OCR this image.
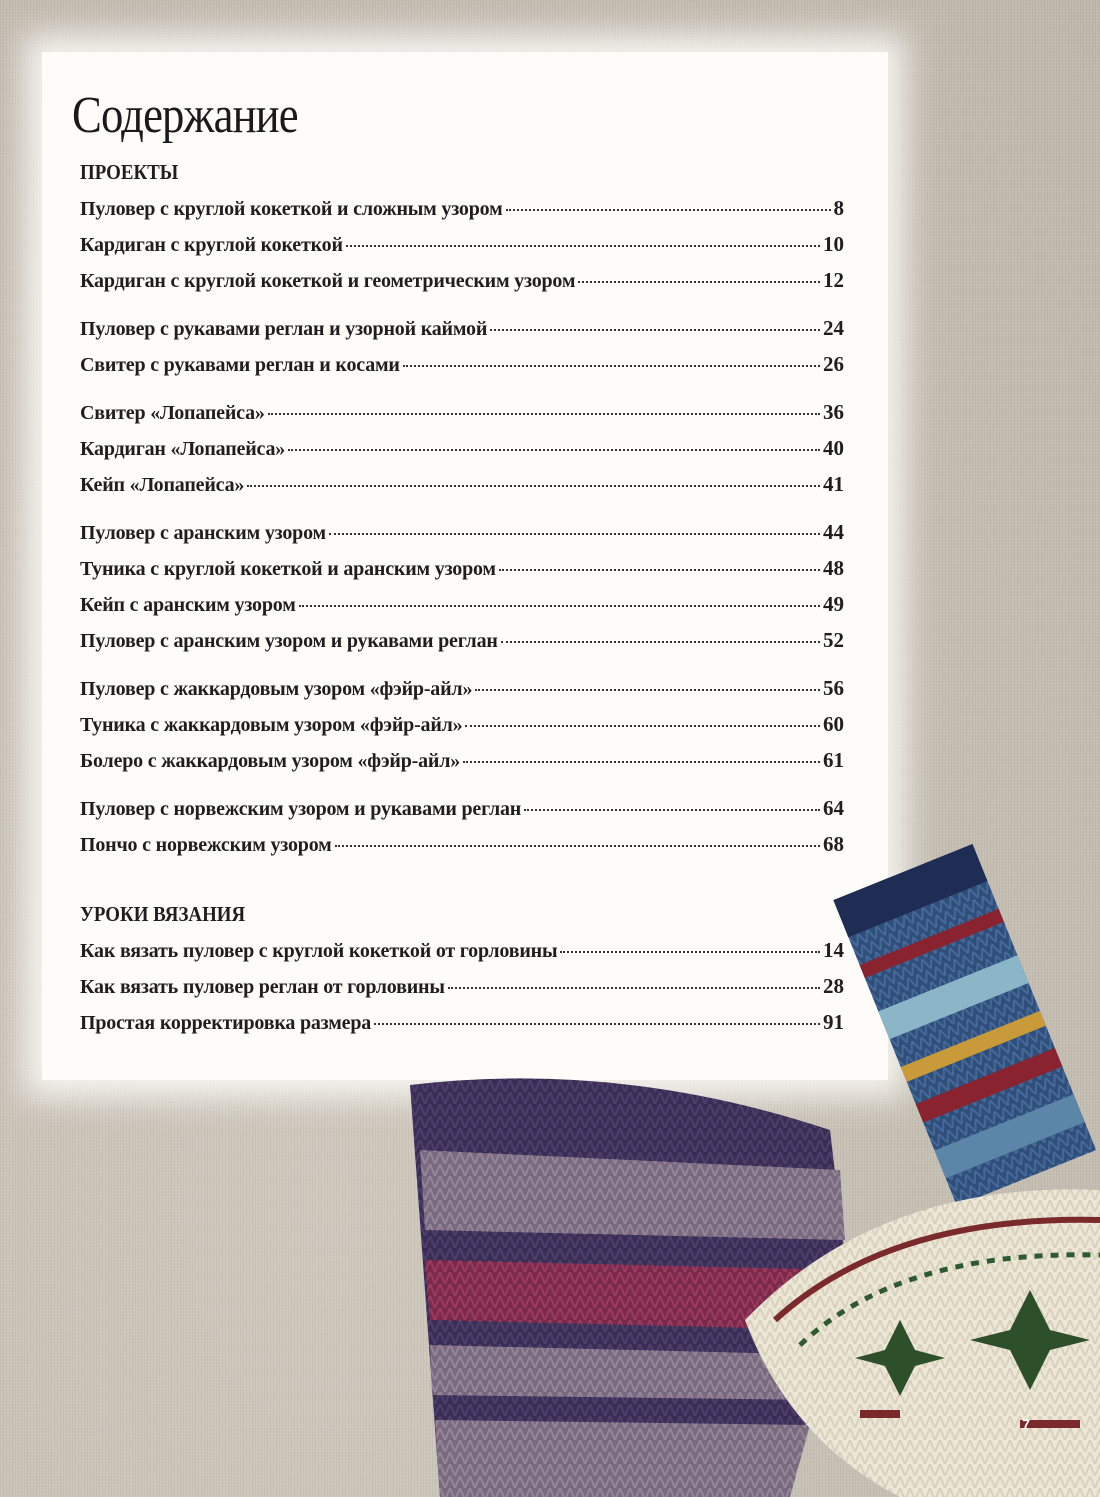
Содержание
ПРОЕКТЫ
Пуловер с круглой кокеткой и сложным узором	8
Кардиган с круглой кокеткой	10
Кардиган с круглой кокеткой и геометрическим узором	12
Пуловер с рукавами реглан и узорной каймой	24
Свитер с рукавами реглан и косами	26
Свитер «Лопапейса»	36
Кардиган «Лопапейса»	40
Кейп «Лопапейса»	41
Пуловер с аранским узором	44
Туника с круглой кокеткой и аранским узором	48
Кейп с аранским узором	49
Пуловер с аранским узором и рукавами реглан	52
Пуловер с жаккардовым узором «фэйр-айл»	56
Туника с жаккардовым узором «фэйр-айл»	60
Болеро с жаккардовым узором «фэйр-айл»	61
Пуловер с норвежским узором и рукавами реглан	64
Пончо с норвежским узором	68
УРОКИ ВЯЗАНИЯ
Как вязать пуловер с круглой кокеткой от горловины	14
Как вязать пуловер реглан от горловины	28
Простая корректировка размера	91
7
